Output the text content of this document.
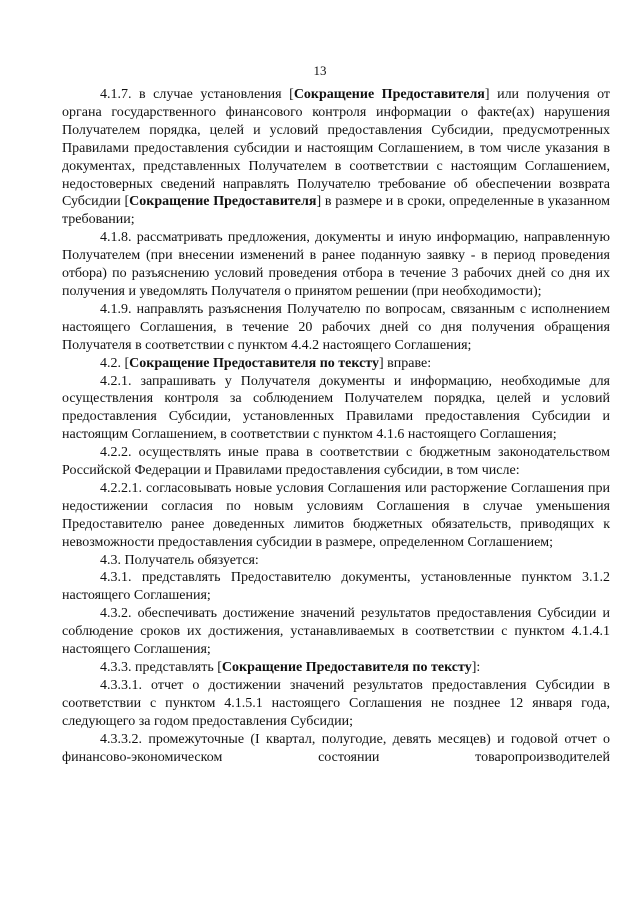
13

4.1.7. в случае установления [Сокращение Предоставителя] или получения от органа государственного финансового контроля информации о факте(ах) нарушения Получателем порядка, целей и условий предоставления Субсидии, предусмотренных Правилами предоставления субсидии и настоящим Соглашением, в том числе указания в документах, представленных Получателем в соответствии с настоящим Соглашением, недостоверных сведений направлять Получателю требование об обеспечении возврата Субсидии [Сокращение Предоставителя] в размере и в сроки, определенные в указанном требовании;

4.1.8. рассматривать предложения, документы и иную информацию, направленную Получателем (при внесении изменений в ранее поданную заявку - в период проведения отбора) по разъяснению условий проведения отбора в течение 3 рабочих дней со дня их получения и уведомлять Получателя о принятом решении (при необходимости);

4.1.9. направлять разъяснения Получателю по вопросам, связанным с исполнением настоящего Соглашения, в течение 20 рабочих дней со дня получения обращения Получателя в соответствии с пунктом 4.4.2 настоящего Соглашения;

4.2. [Сокращение Предоставителя по тексту] вправе:

4.2.1. запрашивать у Получателя документы и информацию, необходимые для осуществления контроля за соблюдением Получателем порядка, целей и условий предоставления Субсидии, установленных Правилами предоставления Субсидии и настоящим Соглашением, в соответствии с пунктом 4.1.6 настоящего Соглашения;

4.2.2. осуществлять иные права в соответствии с бюджетным законодательством Российской Федерации и Правилами предоставления субсидии, в том числе:

4.2.2.1. согласовывать новые условия Соглашения или расторжение Соглашения при недостижении согласия по новым условиям Соглашения в случае уменьшения Предоставителю ранее доведенных лимитов бюджетных обязательств, приводящих к невозможности предоставления субсидии в размере, определенном Соглашением;

4.3. Получатель обязуется:

4.3.1. представлять Предоставителю документы, установленные пунктом 3.1.2 настоящего Соглашения;

4.3.2. обеспечивать достижение значений результатов предоставления Субсидии и соблюдение сроков их достижения, устанавливаемых в соответствии с пунктом 4.1.4.1 настоящего Соглашения;

4.3.3. представлять [Сокращение Предоставителя по тексту]:

4.3.3.1. отчет о достижении значений результатов предоставления Субсидии в соответствии с пунктом 4.1.5.1 настоящего Соглашения не позднее 12 января года, следующего за годом предоставления Субсидии;

4.3.3.2. промежуточные (I квартал, полугодие, девять месяцев) и годовой отчет о финансово-экономическом состоянии товаропроизводителей
